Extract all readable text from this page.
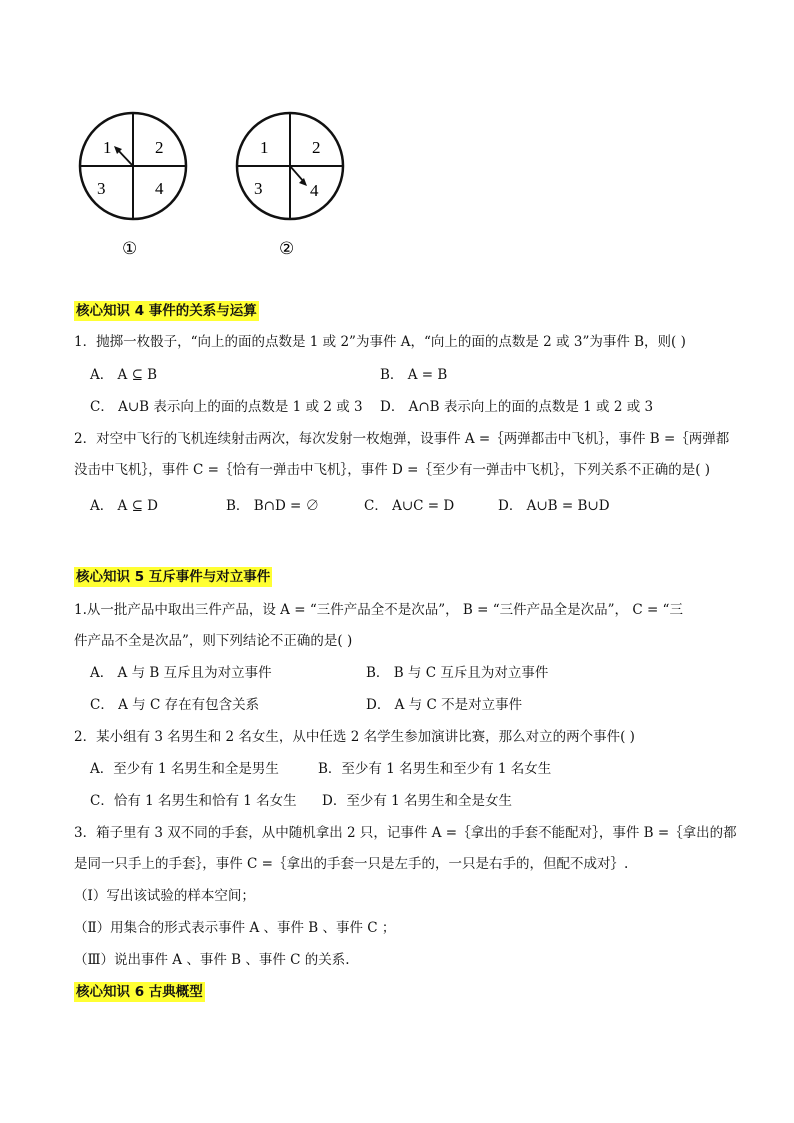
1	2
3	4
①
1	2
3	4
②
核心知识 4 事件的关系与运算
1．抛掷一枚骰子，“向上的面的点数是 1 或 2”为事件 A，“向上的面的点数是 2 或 3”为事件 B，则( )
A． A ⊆ B	B． A = B
C． A∪B 表示向上的面的点数是 1 或 2 或 3 D． A∩B 表示向上的面的点数是 1 或 2 或 3
2．对空中飞行的飞机连续射击两次，每次发射一枚炮弹，设事件 A =｛两弹都击中飞机｝，事件 B =｛两弹都
没击中飞机｝，事件 C =｛恰有一弹击中飞机｝，事件 D =｛至少有一弹击中飞机｝，下列关系不正确的是( )
A． A ⊆ D	B． B∩D = ∅	C． A∪C = D	D． A∪B = B∪D
核心知识 5 互斥事件与对立事件
1.从一批产品中取出三件产品，设 A = “三件产品全不是次品”， B = “三件产品全是次品”， C = “三
件产品不全是次品”，则下列结论不正确的是( )
A． A 与 B 互斥且为对立事件	B． B 与 C 互斥且为对立事件
C． A 与 C 存在有包含关系	D． A 与 C 不是对立事件
2．某小组有 3 名男生和 2 名女生，从中任选 2 名学生参加演讲比赛，那么对立的两个事件( )
A．至少有 1 名男生和全是男生	B．至少有 1 名男生和至少有 1 名女生
C．恰有 1 名男生和恰有 1 名女生 D．至少有 1 名男生和全是女生
3．箱子里有 3 双不同的手套，从中随机拿出 2 只，记事件 A =｛拿出的手套不能配对｝，事件 B =｛拿出的都
是同一只手上的手套｝，事件 C =｛拿出的手套一只是左手的，一只是右手的，但配不成对｝.
（Ⅰ）写出该试验的样本空间；
（Ⅱ）用集合的形式表示事件 A 、事件 B 、事件 C ；
（Ⅲ）说出事件 A 、事件 B 、事件 C 的关系.
核心知识 6 古典概型
